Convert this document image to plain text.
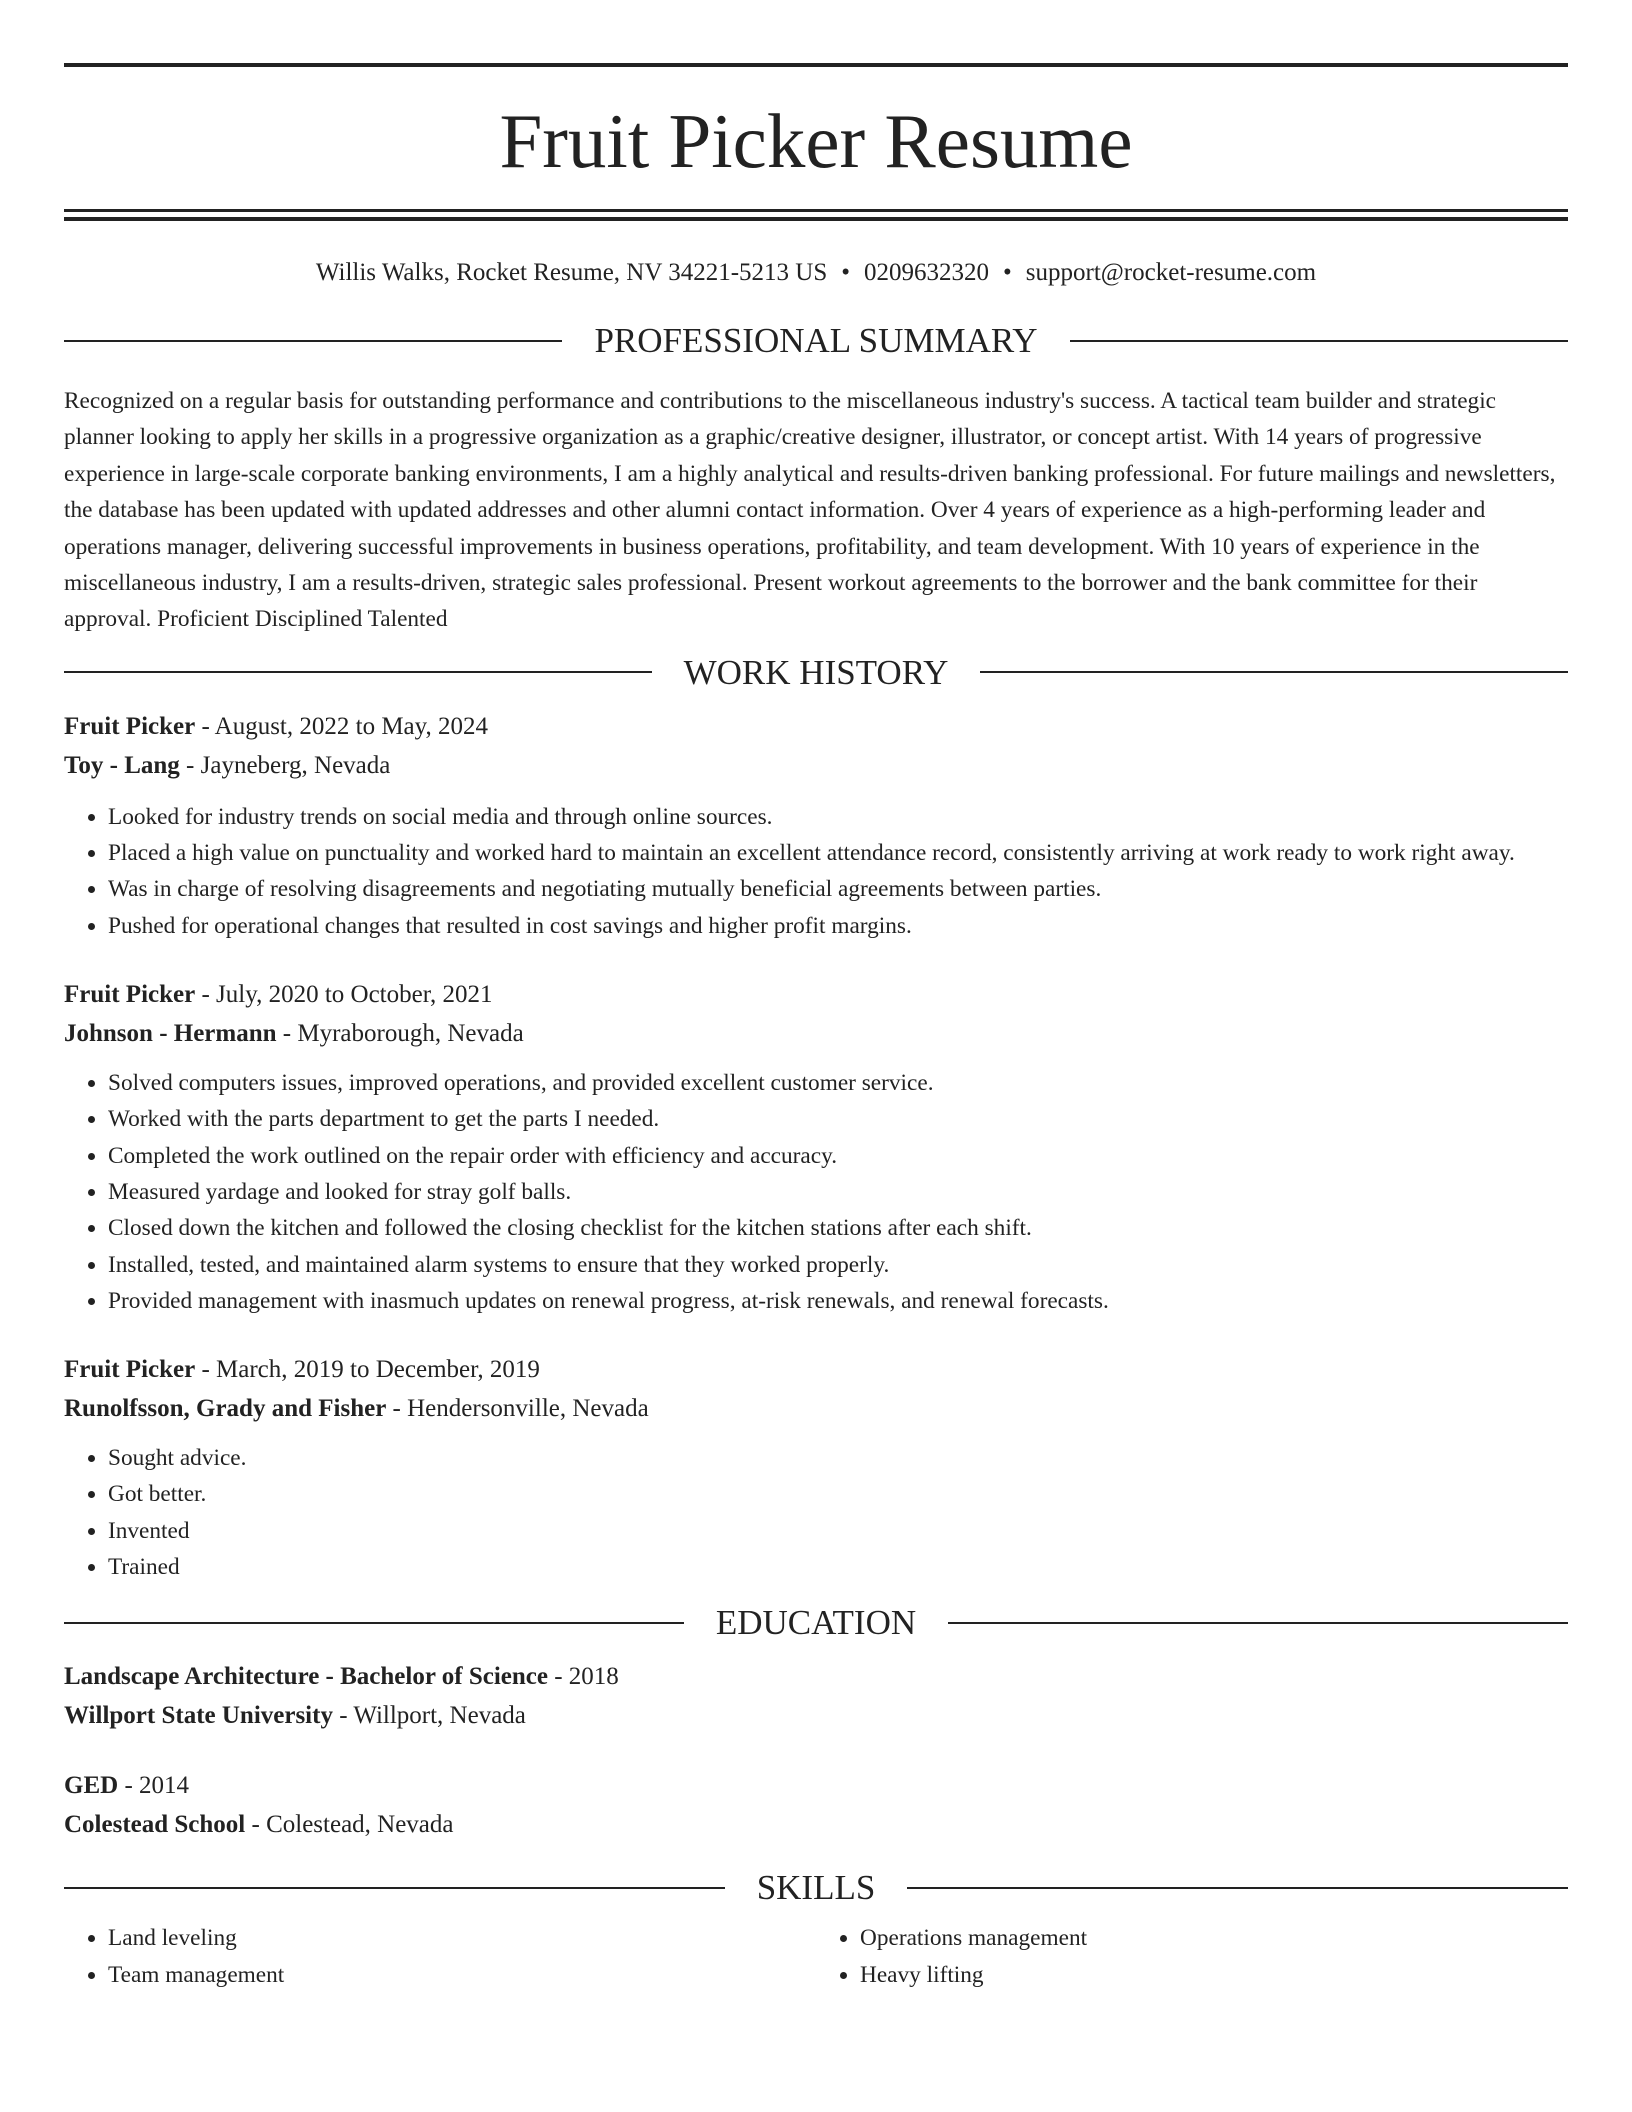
Fruit Picker Resume
Willis Walks, Rocket Resume, NV 34221-5213 US • 0209632320 • support@rocket-resume.com
PROFESSIONAL SUMMARY

Recognized on a regular basis for outstanding performance and contributions to the miscellaneous industry's success. A tactical team builder and strategic planner looking to apply her skills in a progressive organization as a graphic/creative designer, illustrator, or concept artist. With 14 years of progressive experience in large-scale corporate banking environments, I am a highly analytical and results-driven banking professional. For future mailings and newsletters, the database has been updated with updated addresses and other alumni contact information. Over 4 years of experience as a high-performing leader and operations manager, delivering successful improvements in business operations, profitability, and team development. With 10 years of experience in the miscellaneous industry, I am a results-driven, strategic sales professional. Present workout agreements to the borrower and the bank committee for their approval. Proficient Disciplined Talented

WORK HISTORY
Fruit Picker - August, 2022 to May, 2024
Toy - Lang - Jayneberg, Nevada
• Looked for industry trends on social media and through online sources.
• Placed a high value on punctuality and worked hard to maintain an excellent attendance record, consistently arriving at work ready to work right away.
• Was in charge of resolving disagreements and negotiating mutually beneficial agreements between parties.
• Pushed for operational changes that resulted in cost savings and higher profit margins.
Fruit Picker - July, 2020 to October, 2021
Johnson - Hermann - Myraborough, Nevada
• Solved computers issues, improved operations, and provided excellent customer service.
• Worked with the parts department to get the parts I needed.
• Completed the work outlined on the repair order with efficiency and accuracy.
• Measured yardage and looked for stray golf balls.
• Closed down the kitchen and followed the closing checklist for the kitchen stations after each shift.
• Installed, tested, and maintained alarm systems to ensure that they worked properly.
• Provided management with inasmuch updates on renewal progress, at-risk renewals, and renewal forecasts.
Fruit Picker - March, 2019 to December, 2019
Runolfsson, Grady and Fisher - Hendersonville, Nevada
• Sought advice.
• Got better.
• Invented
• Trained
EDUCATION
Landscape Architecture - Bachelor of Science - 2018
Willport State University - Willport, Nevada
GED - 2014
Colestead School - Colestead, Nevada
SKILLS
• Land leveling
• Team management
• Operations management
• Heavy lifting
